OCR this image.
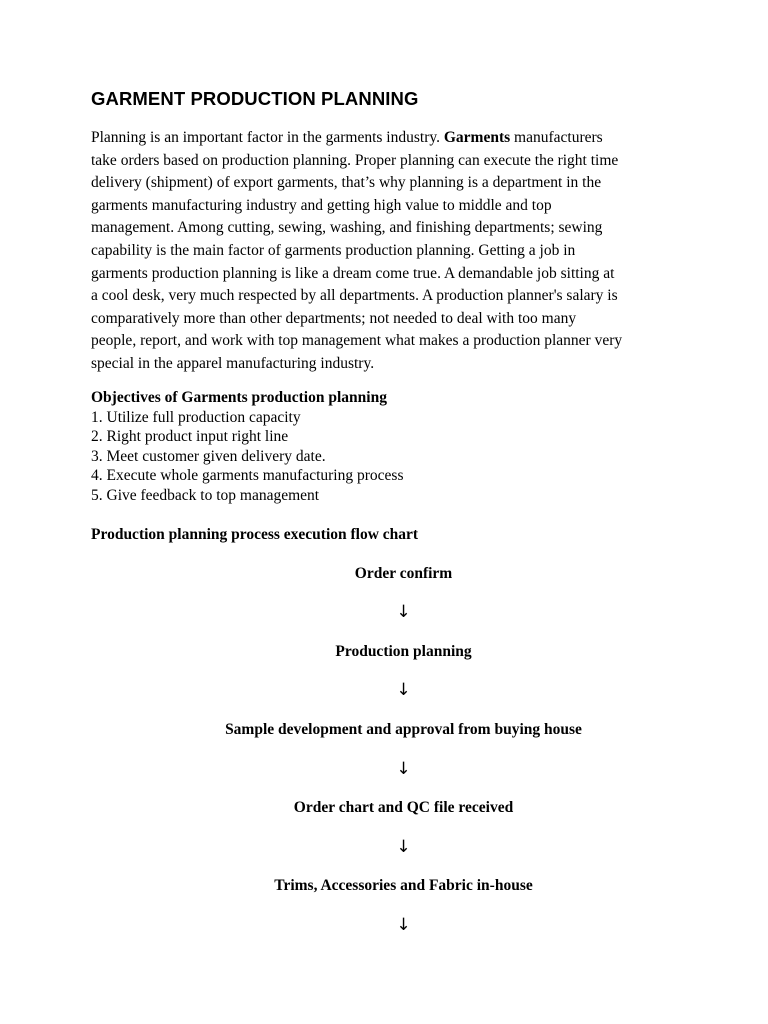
GARMENT PRODUCTION PLANNING
Planning is an important factor in the garments industry. Garments manufacturers
take orders based on production planning. Proper planning can execute the right time
delivery (shipment) of export garments, that’s why planning is a department in the
garments manufacturing industry and getting high value to middle and top
management. Among cutting, sewing, washing, and finishing departments; sewing
capability is the main factor of garments production planning. Getting a job in
garments production planning is like a dream come true. A demandable job sitting at
a cool desk, very much respected by all departments. A production planner's salary is
comparatively more than other departments; not needed to deal with too many
people, report, and work with top management what makes a production planner very
special in the apparel manufacturing industry.
Objectives of Garments production planning
1. Utilize full production capacity
2. Right product input right line
3. Meet customer given delivery date.
4. Execute whole garments manufacturing process
5. Give feedback to top management
Production planning process execution flow chart
Order confirm
↓
Production planning
↓
Sample development and approval from buying house
↓
Order chart and QC file received
↓
Trims, Accessories and Fabric in-house
↓
